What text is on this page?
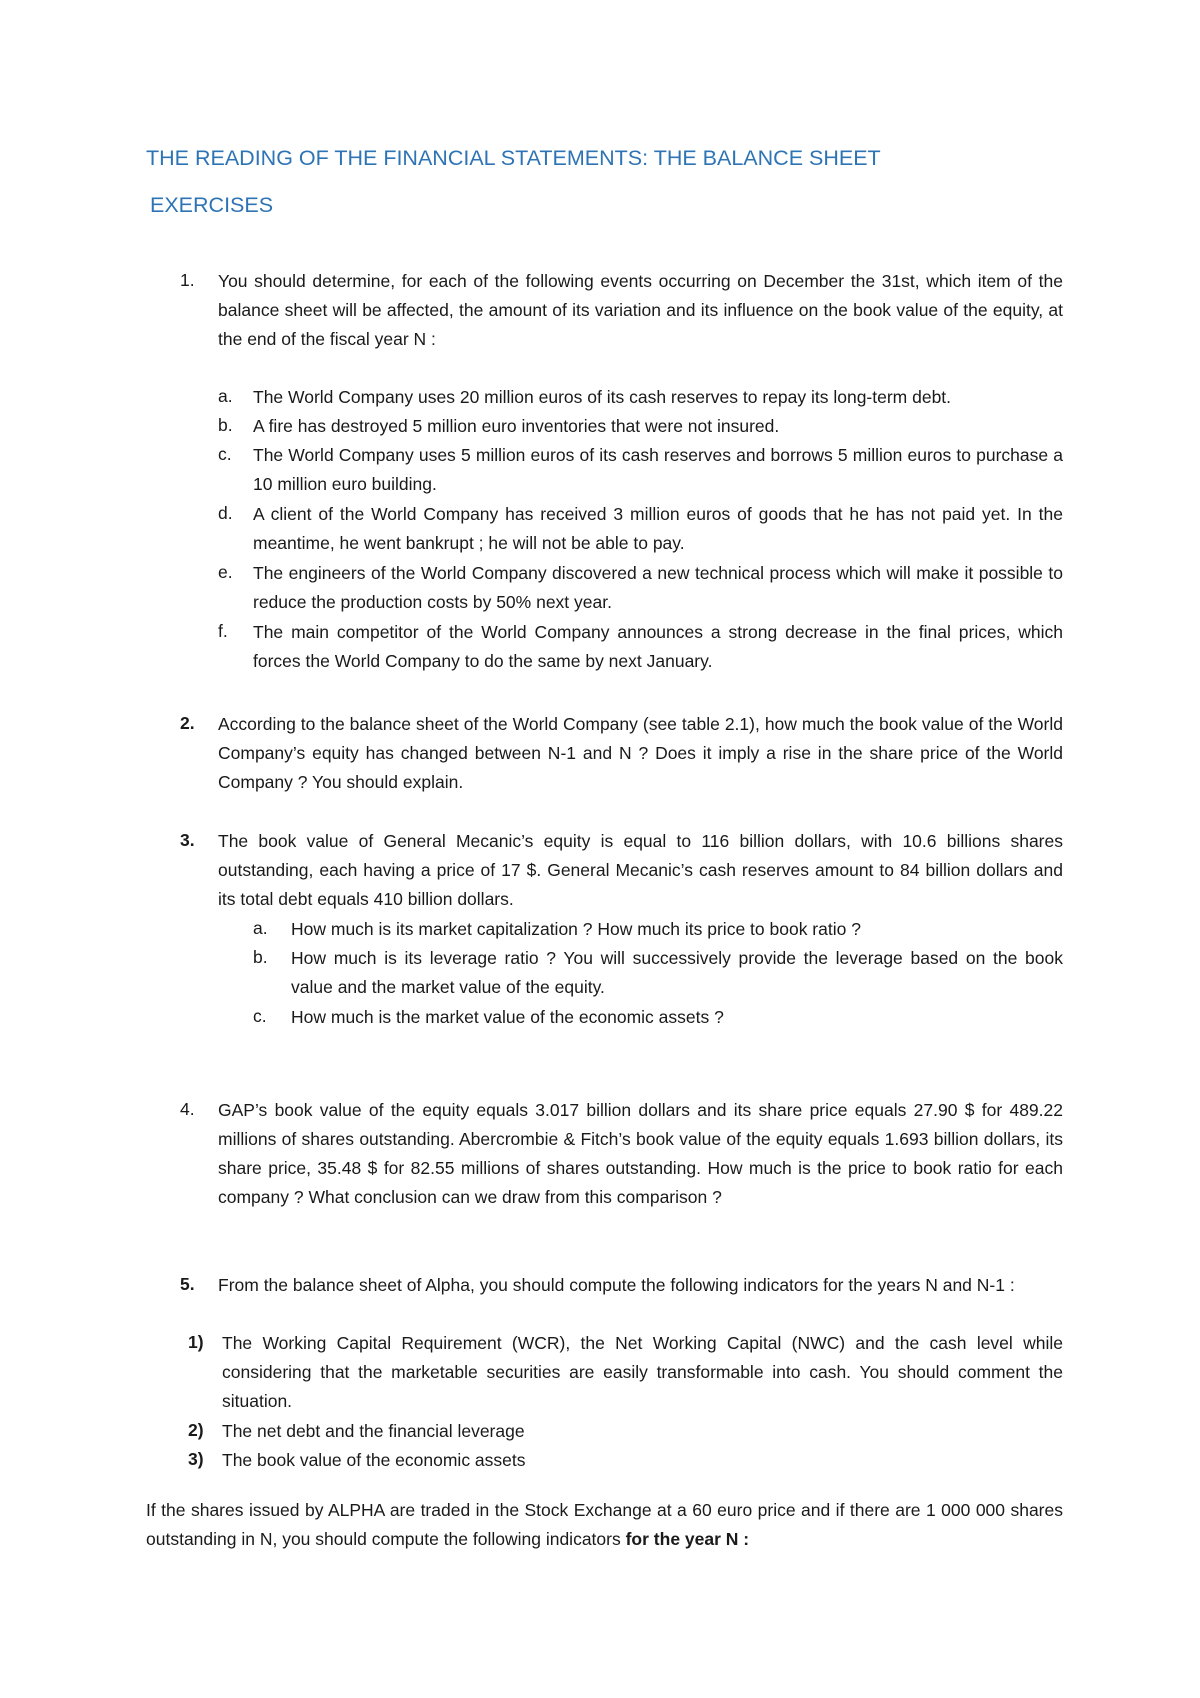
THE READING OF THE FINANCIAL STATEMENTS: THE BALANCE SHEET
EXERCISES
1. You should determine, for each of the following events occurring on December the 31st, which item of the balance sheet will be affected, the amount of its variation and its influence on the book value of the equity, at the end of the fiscal year N :
a. The World Company uses 20 million euros of its cash reserves to repay its long-term debt.
b. A fire has destroyed 5 million euro inventories that were not insured.
c. The World Company uses 5 million euros of its cash reserves and borrows 5 million euros to purchase a 10 million euro building.
d. A client of the World Company has received 3 million euros of goods that he has not paid yet. In the meantime, he went bankrupt ; he will not be able to pay.
e. The engineers of the World Company discovered a new technical process which will make it possible to reduce the production costs by 50% next year.
f. The main competitor of the World Company announces a strong decrease in the final prices, which forces the World Company to do the same by next January.
2. According to the balance sheet of the World Company (see table 2.1), how much the book value of the World Company’s equity has changed between N-1 and N ? Does it imply a rise in the share price of the World Company ? You should explain.
3. The book value of General Mecanic’s equity is equal to 116 billion dollars, with 10.6 billions shares outstanding, each having a price of 17 $. General Mecanic’s cash reserves amount to 84 billion dollars and its total debt equals 410 billion dollars.
a. How much is its market capitalization ? How much its price to book ratio ?
b. How much is its leverage ratio ? You will successively provide the leverage based on the book value and the market value of the equity.
c. How much is the market value of the economic assets ?
4. GAP’s book value of the equity equals 3.017 billion dollars and its share price equals 27.90 $ for 489.22 millions of shares outstanding. Abercrombie & Fitch’s book value of the equity equals 1.693 billion dollars, its share price, 35.48 $ for 82.55 millions of shares outstanding. How much is the price to book ratio for each company ? What conclusion can we draw from this comparison ?
5. From the balance sheet of Alpha, you should compute the following indicators for the years N and N-1 :
1) The Working Capital Requirement (WCR), the Net Working Capital (NWC) and the cash level while considering that the marketable securities are easily transformable into cash. You should comment the situation.
2) The net debt and the financial leverage
3) The book value of the economic assets
If the shares issued by ALPHA are traded in the Stock Exchange at a 60 euro price and if there are 1 000 000 shares outstanding in N, you should compute the following indicators for the year N :
